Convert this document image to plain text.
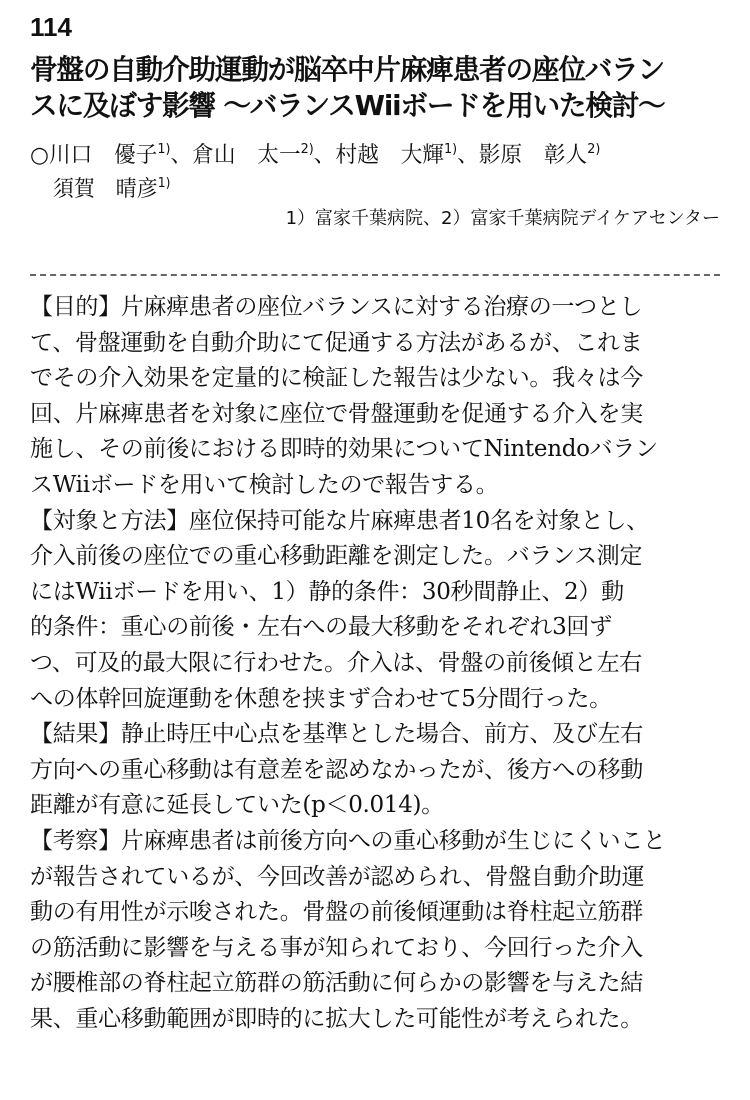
114
骨盤の自動介助運動が脳卒中片麻痺患者の座位バラン
スに及ぼす影響 ～バランスWiiボードを用いた検討～
○川口　優子$^{1)}$、倉山　太一$^{2)}$、村越　大輝$^{1)}$、影原　彰人$^{2)}$
須賀　晴彦$^{1)}$
1）富家千葉病院、2）富家千葉病院デイケアセンター
【目的】片麻痺患者の座位バランスに対する治療の一つとし
て、骨盤運動を自動介助にて促通する方法があるが、これま
でその介入効果を定量的に検証した報告は少ない。我々は今
回、片麻痺患者を対象に座位で骨盤運動を促通する介入を実
施し、その前後における即時的効果についてNintendoバラン
スWiiボードを用いて検討したので報告する。
【対象と方法】座位保持可能な片麻痺患者10名を対象とし、
介入前後の座位での重心移動距離を測定した。バランス測定
にはWiiボードを用い、1）静的条件：30秒間静止、2）動
的条件：重心の前後・左右への最大移動をそれぞれ3回ず
つ、可及的最大限に行わせた。介入は、骨盤の前後傾と左右
への体幹回旋運動を休憩を挟まず合わせて5分間行った。
【結果】静止時圧中心点を基準とした場合、前方、及び左右
方向への重心移動は有意差を認めなかったが、後方への移動
距離が有意に延長していた(p＜0.014)。
【考察】片麻痺患者は前後方向への重心移動が生じにくいこと
が報告されているが、今回改善が認められ、骨盤自動介助運
動の有用性が示唆された。骨盤の前後傾運動は脊柱起立筋群
の筋活動に影響を与える事が知られており、今回行った介入
が腰椎部の脊柱起立筋群の筋活動に何らかの影響を与えた結
果、重心移動範囲が即時的に拡大した可能性が考えられた。
